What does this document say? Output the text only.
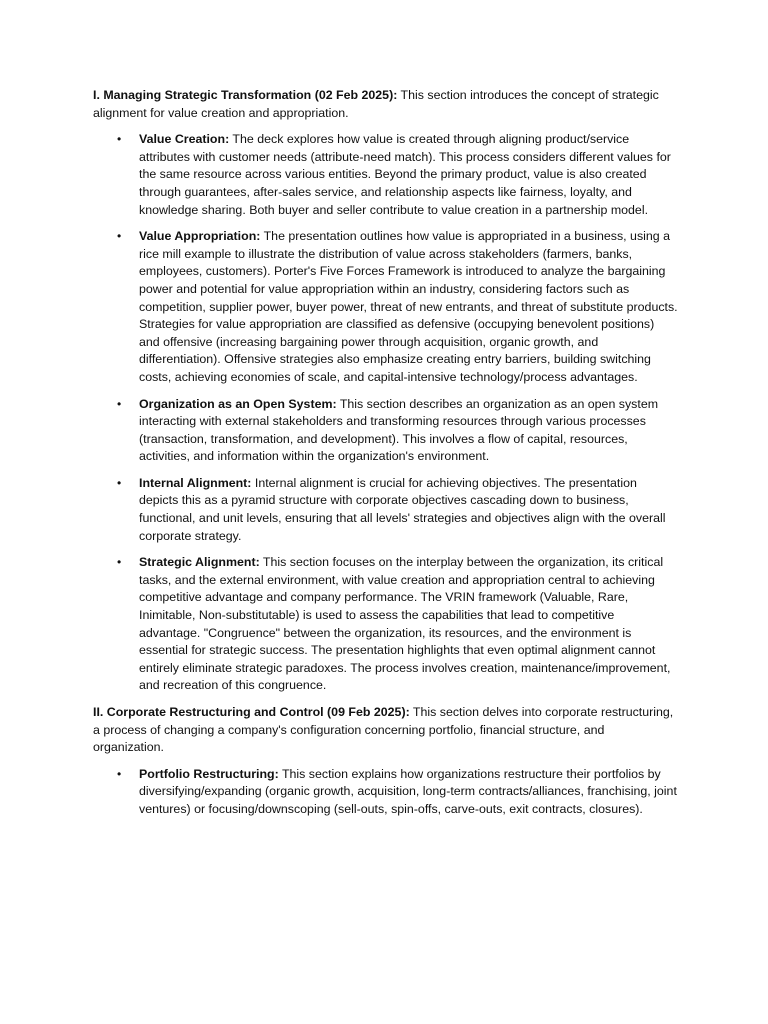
I. Managing Strategic Transformation (02 Feb 2025): This section introduces the concept of strategic alignment for value creation and appropriation.

• Value Creation: The deck explores how value is created through aligning product/service attributes with customer needs (attribute-need match). This process considers different values for the same resource across various entities. Beyond the primary product, value is also created through guarantees, after-sales service, and relationship aspects like fairness, loyalty, and knowledge sharing. Both buyer and seller contribute to value creation in a partnership model.
• Value Appropriation: The presentation outlines how value is appropriated in a business, using a rice mill example to illustrate the distribution of value across stakeholders (farmers, banks, employees, customers). Porter's Five Forces Framework is introduced to analyze the bargaining power and potential for value appropriation within an industry, considering factors such as competition, supplier power, buyer power, threat of new entrants, and threat of substitute products. Strategies for value appropriation are classified as defensive (occupying benevolent positions) and offensive (increasing bargaining power through acquisition, organic growth, and differentiation). Offensive strategies also emphasize creating entry barriers, building switching costs, achieving economies of scale, and capital-intensive technology/process advantages.
• Organization as an Open System: This section describes an organization as an open system interacting with external stakeholders and transforming resources through various processes (transaction, transformation, and development). This involves a flow of capital, resources, activities, and information within the organization's environment.
• Internal Alignment: Internal alignment is crucial for achieving objectives. The presentation depicts this as a pyramid structure with corporate objectives cascading down to business, functional, and unit levels, ensuring that all levels' strategies and objectives align with the overall corporate strategy.
• Strategic Alignment: This section focuses on the interplay between the organization, its critical tasks, and the external environment, with value creation and appropriation central to achieving competitive advantage and company performance. The VRIN framework (Valuable, Rare, Inimitable, Non-substitutable) is used to assess the capabilities that lead to competitive advantage. "Congruence" between the organization, its resources, and the environment is essential for strategic success. The presentation highlights that even optimal alignment cannot entirely eliminate strategic paradoxes. The process involves creation, maintenance/improvement, and recreation of this congruence.

II. Corporate Restructuring and Control (09 Feb 2025): This section delves into corporate restructuring, a process of changing a company's configuration concerning portfolio, financial structure, and organization.

• Portfolio Restructuring: This section explains how organizations restructure their portfolios by diversifying/expanding (organic growth, acquisition, long-term contracts/alliances, franchising, joint ventures) or focusing/downscoping (sell-outs, spin-offs, carve-outs, exit contracts, closures).
